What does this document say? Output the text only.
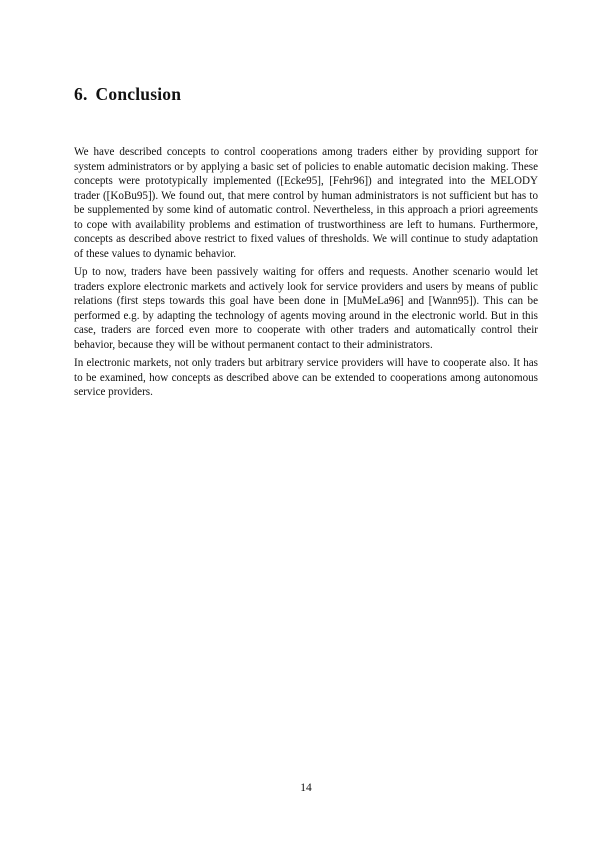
6. Conclusion

We have described concepts to control cooperations among traders either by providing support for system administrators or by applying a basic set of policies to enable automatic decision making. These concepts were prototypically implemented ([Ecke95], [Fehr96]) and integrated into the MELODY trader ([KoBu95]). We found out, that mere control by human administrators is not sufficient but has to be supplemented by some kind of automatic control. Nevertheless, in this approach a priori agreements to cope with availability problems and estimation of trustworthiness are left to humans. Furthermore, concepts as described above restrict to fixed values of thresholds. We will continue to study adaptation of these values to dynamic behavior.

Up to now, traders have been passively waiting for offers and requests. Another scenario would let traders explore electronic markets and actively look for service providers and users by means of public relations (first steps towards this goal have been done in [MuMeLa96] and [Wann95]). This can be performed e.g. by adapting the technology of agents moving around in the electronic world. But in this case, traders are forced even more to cooperate with other traders and automatically control their behavior, because they will be without permanent contact to their administrators.

In electronic markets, not only traders but arbitrary service providers will have to cooperate also. It has to be examined, how concepts as described above can be extended to cooperations among autonomous service providers.

14
